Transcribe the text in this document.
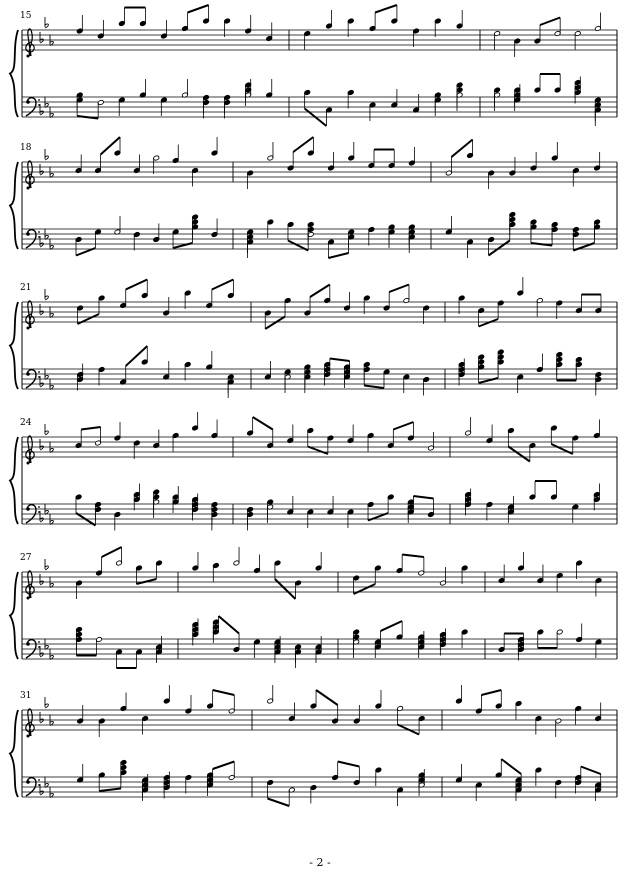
15
18
21
24
27
31
- 2 -
